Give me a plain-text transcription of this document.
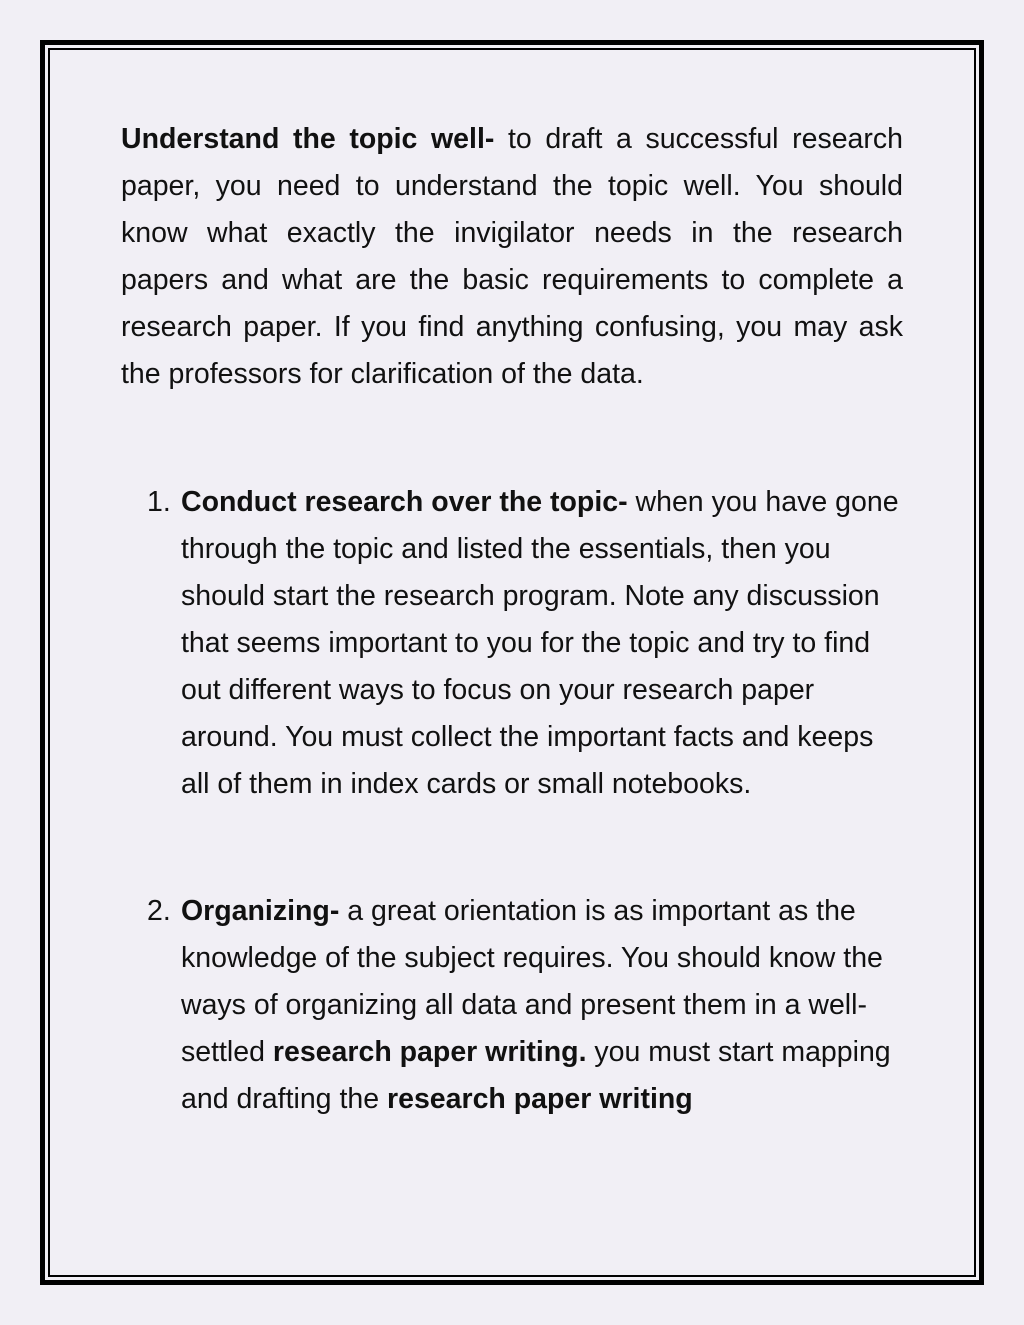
Understand the topic well- to draft a successful research paper, you need to understand the topic well. You should know what exactly the invigilator needs in the research papers and what are the basic requirements to complete a research paper. If you find anything confusing, you may ask the professors for clarification of the data.

1. Conduct research over the topic- when you have gone through the topic and listed the essentials, then you should start the research program. Note any discussion that seems important to you for the topic and try to find out different ways to focus on your research paper around. You must collect the important facts and keeps all of them in index cards or small notebooks.
2. Organizing- a great orientation is as important as the knowledge of the subject requires. You should know the ways of organizing all data and present them in a well-settled research paper writing. you must start mapping and drafting the research paper writing
